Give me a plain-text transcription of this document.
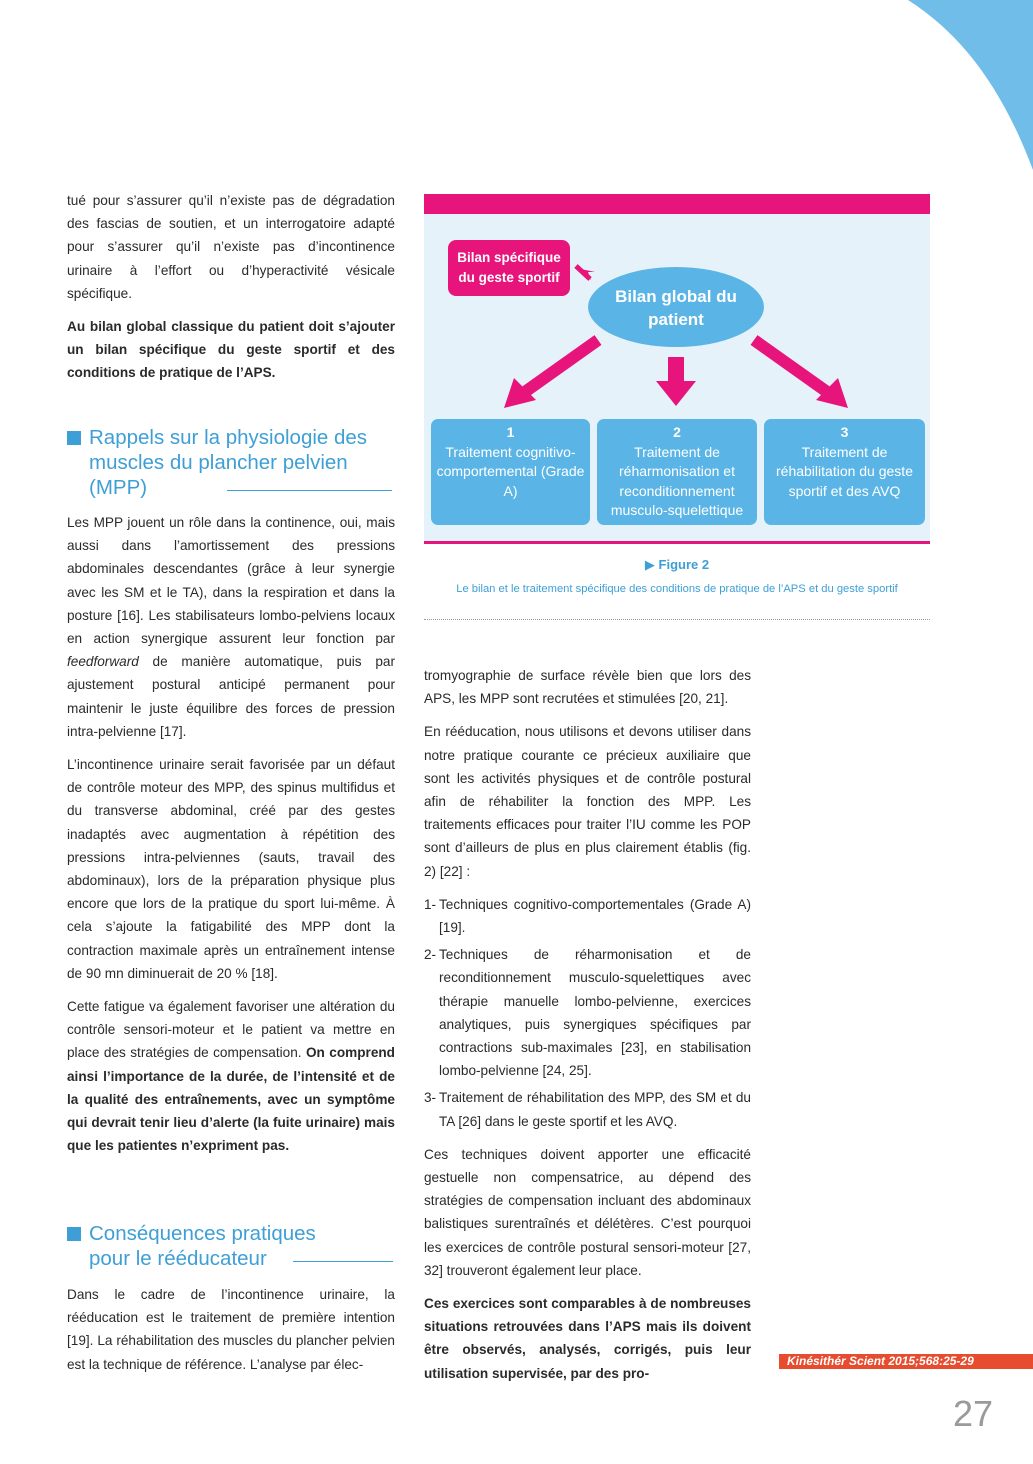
tué pour s’assurer qu’il n’existe pas de dégradation des fascias de soutien, et un interrogatoire adapté pour s’assurer qu’il n’existe pas d’incontinence urinaire à l’effort ou d’hyperactivité vésicale spécifique.

Au bilan global classique du patient doit s’ajouter un bilan spécifique du geste sportif et des conditions de pratique de l’APS.

Rappels sur la physiologie des muscles du plancher pelvien (MPP)

Les MPP jouent un rôle dans la continence, oui, mais aussi dans l’amortissement des pressions abdominales descendantes (grâce à leur synergie avec les SM et le TA), dans la respiration et dans la posture [16]. Les stabilisateurs lombo-pelviens locaux en action synergique assurent leur fonction par feedforward de manière automatique, puis par ajustement postural anticipé permanent pour maintenir le juste équilibre des forces de pression intra-pelvienne [17].

L’incontinence urinaire serait favorisée par un défaut de contrôle moteur des MPP, des spinus multifidus et du transverse abdominal, créé par des gestes inadaptés avec augmentation à répétition des pressions intra-pelviennes (sauts, travail des abdominaux), lors de la préparation physique plus encore que lors de la pratique du sport lui-même. À cela s’ajoute la fatigabilité des MPP dont la contraction maximale après un entraînement intense de 90 mn diminuerait de 20 % [18].

Cette fatigue va également favoriser une altération du contrôle sensori-moteur et le patient va mettre en place des stratégies de compensation. On comprend ainsi l’importance de la durée, de l’intensité et de la qualité des entraînements, avec un symptôme qui devrait tenir lieu d’alerte (la fuite urinaire) mais que les patientes n’expriment pas.

Conséquences pratiques
pour le rééducateur

Dans le cadre de l’incontinence urinaire, la rééducation est le traitement de première intention [19]. La réhabilitation des muscles du plancher pelvien est la technique de référence. L’analyse par élec-

Bilan spécifique du geste sportif
Bilan global du patient
1
Traitement cognitivo-comportemental (Grade A)
2
Traitement de réharmonisation et reconditionnement musculo-squelettique
3
Traitement de réhabilitation du geste sportif et des AVQ
▶ Figure 2
Le bilan et le traitement spécifique des conditions de pratique de l’APS et du geste sportif

tromyographie de surface révèle bien que lors des APS, les MPP sont recrutées et stimulées [20, 21].

En rééducation, nous utilisons et devons utiliser dans notre pratique courante ce précieux auxiliaire que sont les activités physiques et de contrôle postural afin de réhabiliter la fonction des MPP. Les traitements efficaces pour traiter l’IU comme les POP sont d’ailleurs de plus en plus clairement établis (fig. 2) [22] :

1- Techniques cognitivo-comportementales (Grade A) [19].
2- Techniques de réharmonisation et de reconditionnement musculo-squelettiques avec thérapie manuelle lombo-pelvienne, exercices analytiques, puis synergiques spécifiques par contractions sub-maximales [23], en stabilisation lombo-pelvienne [24, 25].
3- Traitement de réhabilitation des MPP, des SM et du TA [26] dans le geste sportif et les AVQ.

Ces techniques doivent apporter une efficacité gestuelle non compensatrice, au dépend des stratégies de compensation incluant des abdominaux balistiques surentraînés et délétères. C’est pourquoi les exercices de contrôle postural sensori-moteur [27, 32] trouveront également leur place.

Ces exercices sont comparables à de nombreuses situations retrouvées dans l’APS mais ils doivent être observés, analysés, corrigés, puis leur utilisation supervisée, par des pro-

Kinésithér Scient 2015;568:25-29
27
